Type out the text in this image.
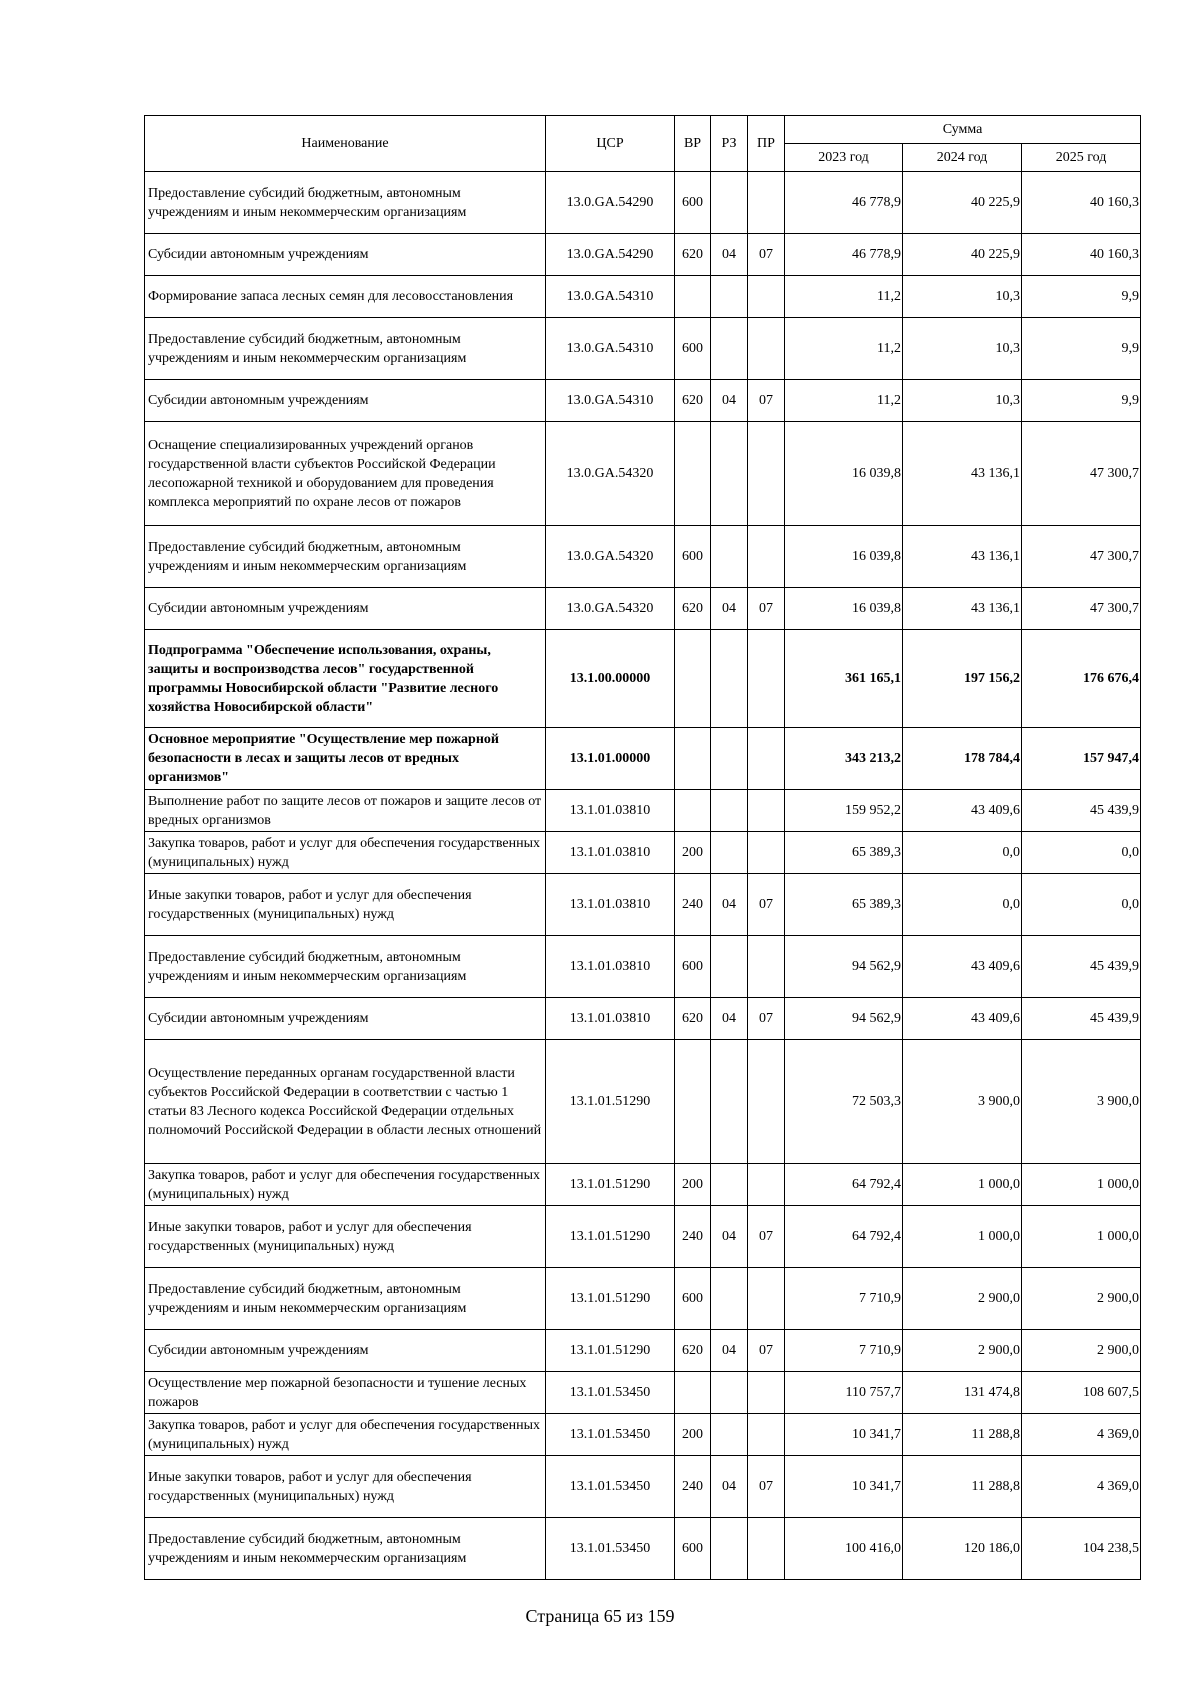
Наименование	ЦСР	ВР	РЗ	ПР	Сумма		
					2023 год	2024 год	2025 год
Предоставление субсидий бюджетным, автономным учреждениям и иным некоммерческим организациям	13.0.GA.54290	600			46 778,9	40 225,9	40 160,3
Субсидии автономным учреждениям	13.0.GA.54290	620	04	07	46 778,9	40 225,9	40 160,3
Формирование запаса лесных семян для лесовосстановления	13.0.GA.54310				11,2	10,3	9,9
Предоставление субсидий бюджетным, автономным учреждениям и иным некоммерческим организациям	13.0.GA.54310	600			11,2	10,3	9,9
Субсидии автономным учреждениям	13.0.GA.54310	620	04	07	11,2	10,3	9,9
Оснащение специализированных учреждений органов государственной власти субъектов Российской Федерации лесопожарной техникой и оборудованием для проведения комплекса мероприятий по охране лесов от пожаров	13.0.GA.54320				16 039,8	43 136,1	47 300,7
Предоставление субсидий бюджетным, автономным учреждениям и иным некоммерческим организациям	13.0.GA.54320	600			16 039,8	43 136,1	47 300,7
Субсидии автономным учреждениям	13.0.GA.54320	620	04	07	16 039,8	43 136,1	47 300,7
Подпрограмма "Обеспечение использования, охраны, защиты и воспроизводства лесов" государственной программы Новосибирской области "Развитие лесного хозяйства Новосибирской области"	13.1.00.00000				361 165,1	197 156,2	176 676,4
Основное мероприятие "Осуществление мер пожарной безопасности в лесах и защиты лесов от вредных организмов"	13.1.01.00000				343 213,2	178 784,4	157 947,4
Выполнение работ по защите лесов от пожаров и защите лесов от вредных организмов	13.1.01.03810				159 952,2	43 409,6	45 439,9
Закупка товаров, работ и услуг для обеспечения государственных (муниципальных) нужд	13.1.01.03810	200			65 389,3	0,0	0,0
Иные закупки товаров, работ и услуг для обеспечения государственных (муниципальных) нужд	13.1.01.03810	240	04	07	65 389,3	0,0	0,0
Предоставление субсидий бюджетным, автономным учреждениям и иным некоммерческим организациям	13.1.01.03810	600			94 562,9	43 409,6	45 439,9
Субсидии автономным учреждениям	13.1.01.03810	620	04	07	94 562,9	43 409,6	45 439,9
Осуществление переданных органам государственной власти субъектов Российской Федерации в соответствии с частью 1 статьи 83 Лесного кодекса Российской Федерации отдельных полномочий Российской Федерации в области лесных отношений	13.1.01.51290				72 503,3	3 900,0	3 900,0
Закупка товаров, работ и услуг для обеспечения государственных (муниципальных) нужд	13.1.01.51290	200			64 792,4	1 000,0	1 000,0
Иные закупки товаров, работ и услуг для обеспечения государственных (муниципальных) нужд	13.1.01.51290	240	04	07	64 792,4	1 000,0	1 000,0
Предоставление субсидий бюджетным, автономным учреждениям и иным некоммерческим организациям	13.1.01.51290	600			7 710,9	2 900,0	2 900,0
Субсидии автономным учреждениям	13.1.01.51290	620	04	07	7 710,9	2 900,0	2 900,0
Осуществление мер пожарной безопасности и тушение лесных пожаров	13.1.01.53450				110 757,7	131 474,8	108 607,5
Закупка товаров, работ и услуг для обеспечения государственных (муниципальных) нужд	13.1.01.53450	200			10 341,7	11 288,8	4 369,0
Иные закупки товаров, работ и услуг для обеспечения государственных (муниципальных) нужд	13.1.01.53450	240	04	07	10 341,7	11 288,8	4 369,0
Предоставление субсидий бюджетным, автономным учреждениям и иным некоммерческим организациям	13.1.01.53450	600			100 416,0	120 186,0	104 238,5
Страница 65 из 159
